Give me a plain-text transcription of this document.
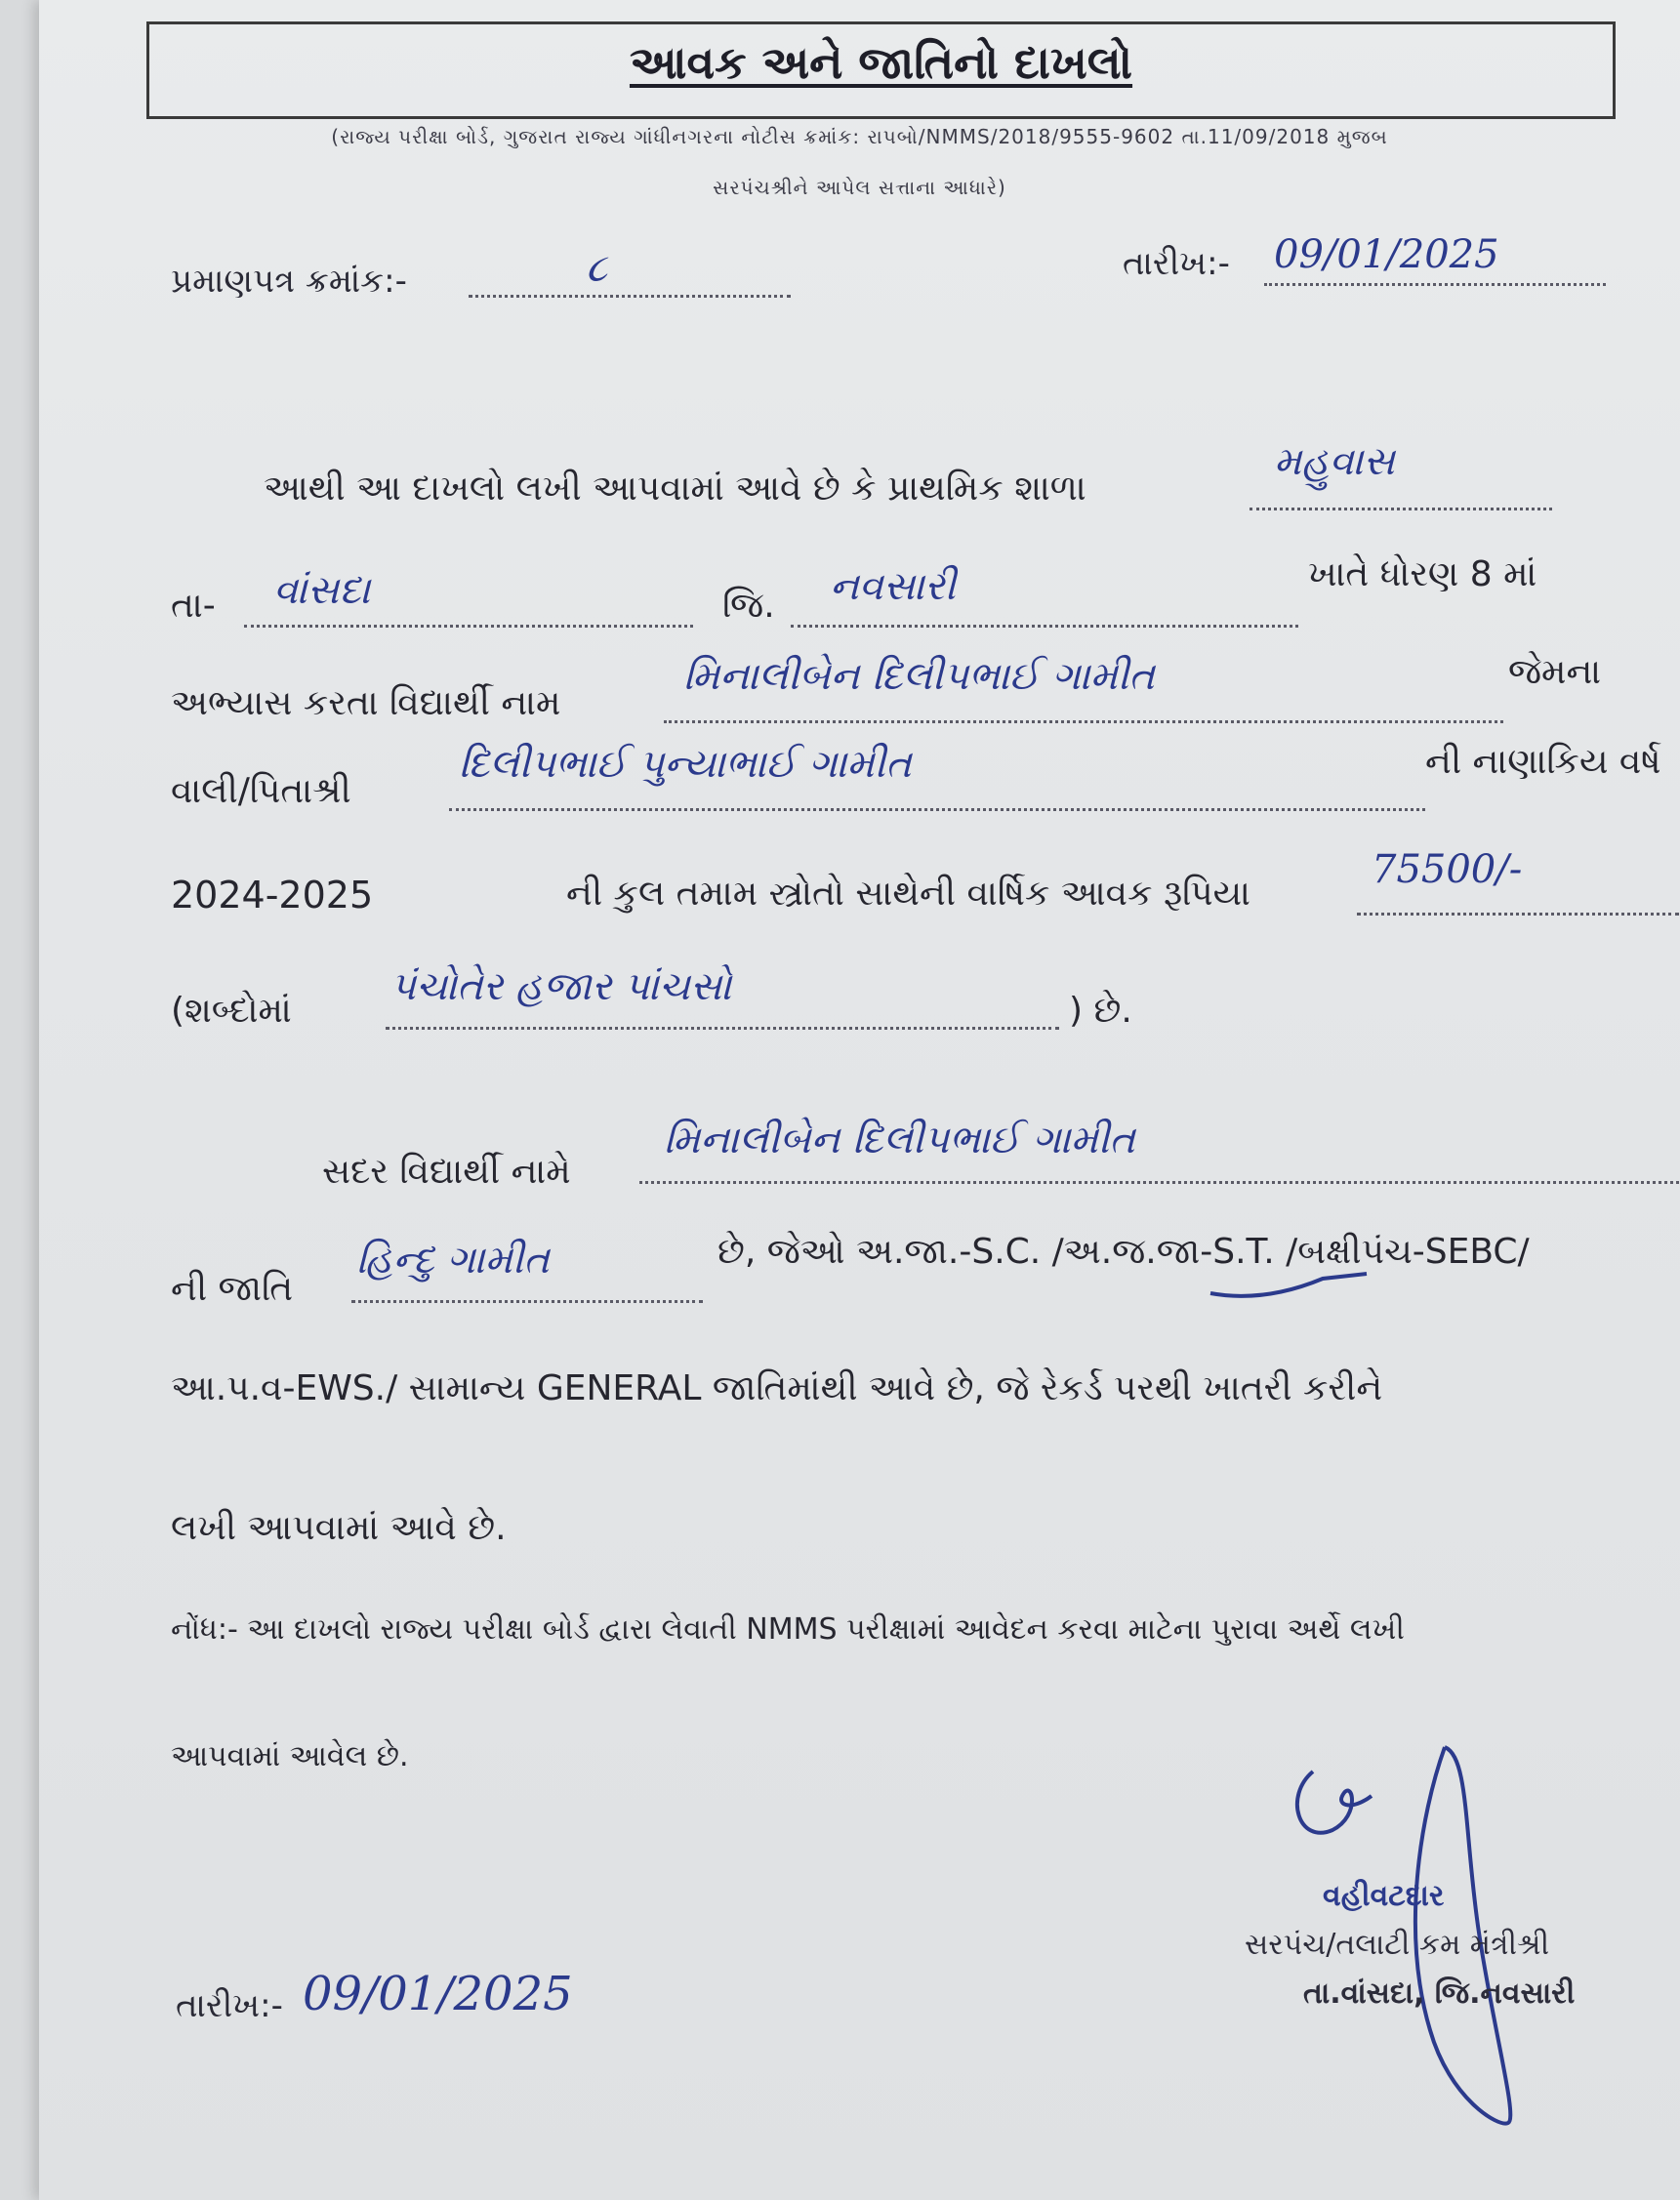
આવક અને જાતિનો દાખલો
(રાજ્ય પરીક્ષા બોર્ડ, ગુજરાત રાજ્ય ગાંધીનગરના નોટીસ ક્રમાંક: રાપબો/NMMS/2018/9555-9602 તા.11/09/2018 મુજબ
સરપંચશ્રીને આપેલ સત્તાના આધારે)
પ્રમાણપત્ર ક્રમાંક:-	૮	તારીખ:- 09/01/2025
આથી આ દાખલો લખી આપવામાં આવે છે કે પ્રાથમિક શાળા
મહુવાસ
તા- વાંસદા	જિ. નવસારી	ખાતે ધોરણ 8 માં
અભ્યાસ કરતા વિદ્યાર્થી નામ
મિનાલીબેન દિલીપભાઈ ગામીત	જેમના
વાલી/પિતાશ્રી
દિલીપભાઈ પુન્યાભાઈ ગામીત	ની નાણાકિય વર્ષ
2024-2025	ની કુલ તમામ સ્ત્રોતો સાથેની વાર્ષિક આવક રૂપિયા
75500/-
(શબ્દોમાં
પંચોતેર હજાર પાંચસો
) છે.
સદર વિદ્યાર્થી નામે
મિનાલીબેન દિલીપભાઈ ગામીત
ની જાતિ
હિન્દુ ગામીત	છે, જેઓ અ.જા.-S.C. /અ.જ.જા-S.T. /બક્ષીપંચ-SEBC/
આ.પ.વ-EWS./ સામાન્ય GENERAL જાતિમાંથી આવે છે, જે રેકર્ડ પરથી ખાતરી કરીને
લખી આપવામાં આવે છે.
નોંધ:- આ દાખલો રાજ્ય પરીક્ષા બોર્ડ દ્વારા લેવાતી NMMS પરીક્ષામાં આવેદન કરવા માટેના પુરાવા અર્થે લખી
આપવામાં આવેલ છે.
તારીખ:- 09/01/2025
વહીવટદાર
સરપંચ/તલાટી કમ મંત્રીશ્રી
તા.વાંસદા, જિ.નવસારી
